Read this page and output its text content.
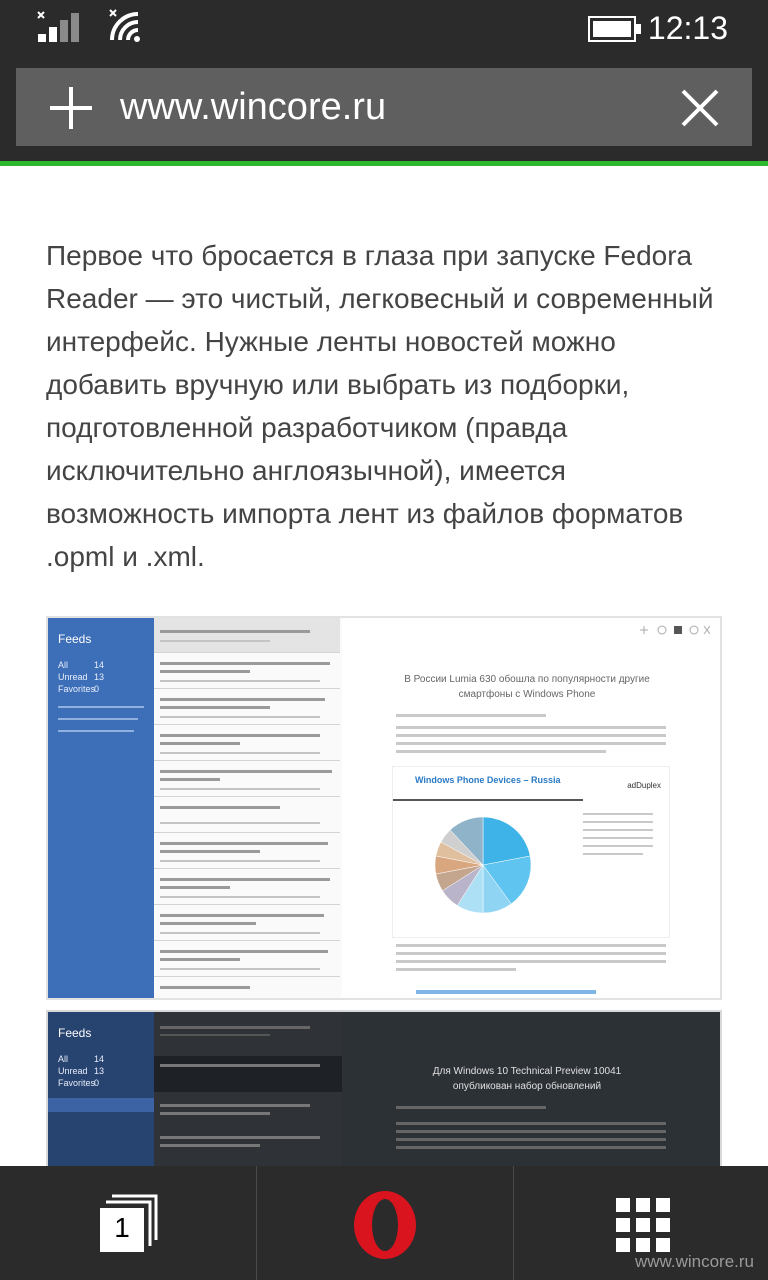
12:13
www.wincore.ru
Первое что бросается в глаза при запуске Fedora Reader — это чистый, легковесный и современный интерфейс. Нужные ленты новостей можно добавить вручную или выбрать из подборки, подготовленной разработчиком (правда исключительно англоязычной), имеется возможность импорта лент из файлов форматов .opml и .xml.
Feeds
All
Unread
Favorites
14
13
0
В России Lumia 630 обошла по популярности другие смартфоны с Windows Phone
Windows Phone Devices – Russia
adDuplex
Feeds
All
Unread
Favorites
14
13
0
Для Windows 10 Technical Preview 10041 опубликован набор обновлений
1
www.wincore.ru
